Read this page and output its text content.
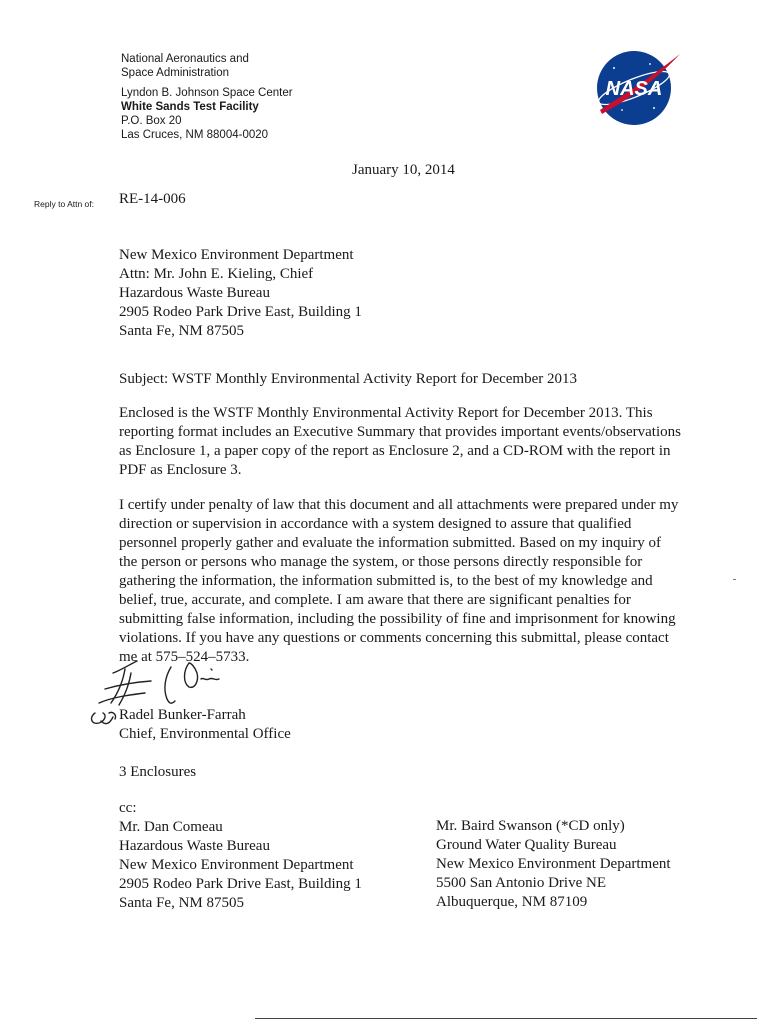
National Aeronautics and
Space Administration
Lyndon B. Johnson Space Center
White Sands Test Facility
P.O. Box 20
Las Cruces, NM 88004-0020
NASA
January 10, 2014
Reply to Attn of: RE-14-006
New Mexico Environment Department
Attn: Mr. John E. Kieling, Chief
Hazardous Waste Bureau
2905 Rodeo Park Drive East, Building 1
Santa Fe, NM 87505
Subject: WSTF Monthly Environmental Activity Report for December 2013
Enclosed is the WSTF Monthly Environmental Activity Report for December 2013. This
reporting format includes an Executive Summary that provides important events/observations
as Enclosure 1, a paper copy of the report as Enclosure 2, and a CD-ROM with the report in
PDF as Enclosure 3.
I certify under penalty of law that this document and all attachments were prepared under my
direction or supervision in accordance with a system designed to assure that qualified
personnel properly gather and evaluate the information submitted. Based on my inquiry of
the person or persons who manage the system, or those persons directly responsible for
gathering the information, the information submitted is, to the best of my knowledge and
belief, true, accurate, and complete. I am aware that there are significant penalties for
submitting false information, including the possibility of fine and imprisonment for knowing
violations. If you have any questions or comments concerning this submittal, please contact
me at 575–524–5733.
Radel Bunker-Farrah
Chief, Environmental Office
3 Enclosures
cc:
Mr. Dan Comeau
Hazardous Waste Bureau
New Mexico Environment Department
2905 Rodeo Park Drive East, Building 1
Santa Fe, NM 87505
Mr. Baird Swanson (*CD only)
Ground Water Quality Bureau
New Mexico Environment Department
5500 San Antonio Drive NE
Albuquerque, NM 87109
